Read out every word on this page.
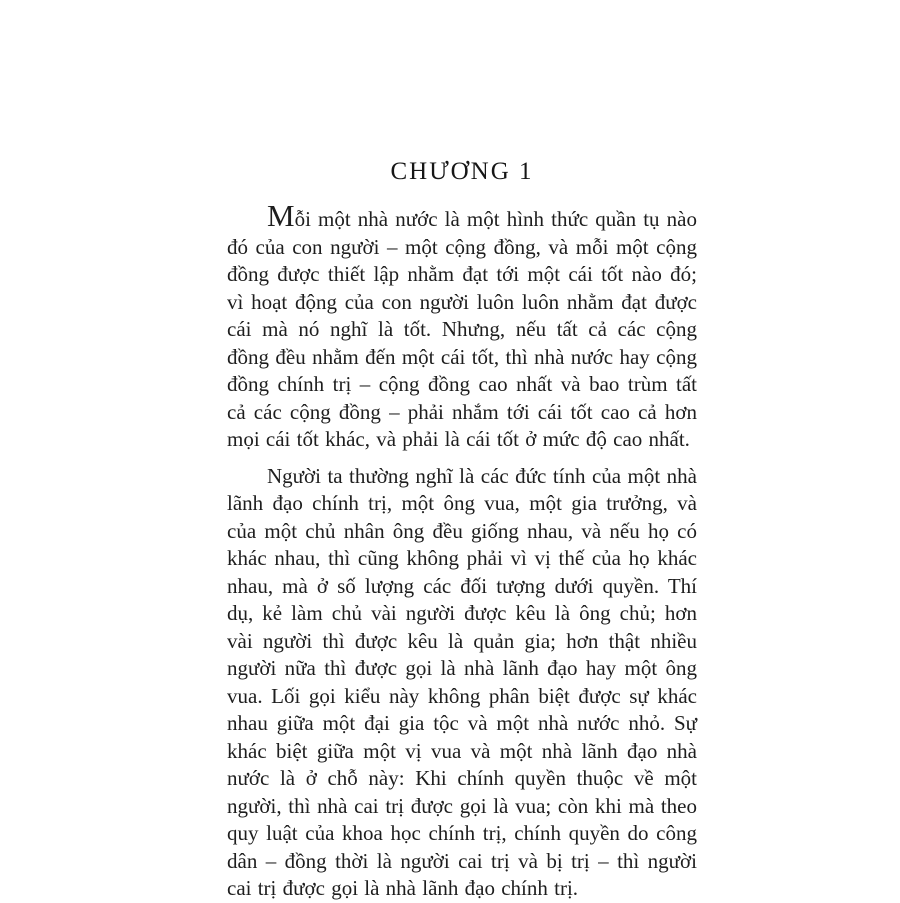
CHƯƠNG 1

Mỗi một nhà nước là một hình thức quần tụ nào đó của con người – một cộng đồng, và mỗi một cộng đồng được thiết lập nhằm đạt tới một cái tốt nào đó; vì hoạt động của con người luôn luôn nhằm đạt được cái mà nó nghĩ là tốt. Nhưng, nếu tất cả các cộng đồng đều nhằm đến một cái tốt, thì nhà nước hay cộng đồng chính trị – cộng đồng cao nhất và bao trùm tất cả các cộng đồng – phải nhắm tới cái tốt cao cả hơn mọi cái tốt khác, và phải là cái tốt ở mức độ cao nhất.

Người ta thường nghĩ là các đức tính của một nhà lãnh đạo chính trị, một ông vua, một gia trưởng, và của một chủ nhân ông đều giống nhau, và nếu họ có khác nhau, thì cũng không phải vì vị thế của họ khác nhau, mà ở số lượng các đối tượng dưới quyền. Thí dụ, kẻ làm chủ vài người được kêu là ông chủ; hơn vài người thì được kêu là quản gia; hơn thật nhiều người nữa thì được gọi là nhà lãnh đạo hay một ông vua. Lối gọi kiểu này không phân biệt được sự khác nhau giữa một đại gia tộc và một nhà nước nhỏ. Sự khác biệt giữa một vị vua và một nhà lãnh đạo nhà nước là ở chỗ này: Khi chính quyền thuộc về một người, thì nhà cai trị được gọi là vua; còn khi mà theo quy luật của khoa học chính trị, chính quyền do công dân – đồng thời là người cai trị và bị trị – thì người cai trị được gọi là nhà lãnh đạo chính trị.
